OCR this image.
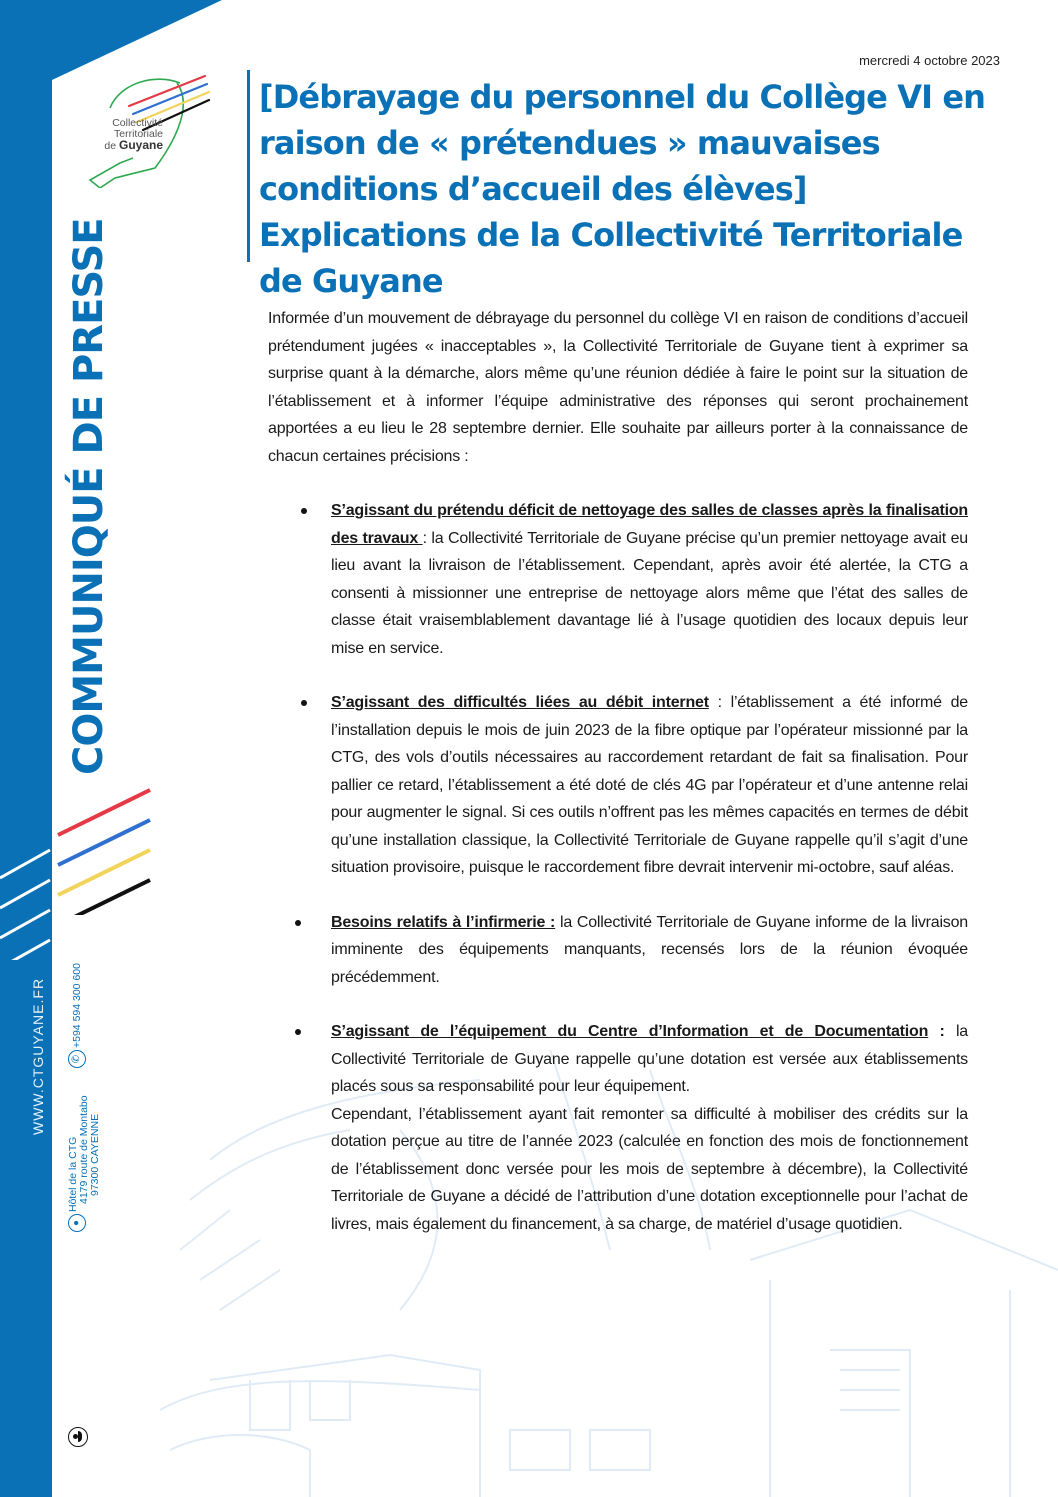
Collectivité
Territoriale
de Guyane
COMMUNIQUÉ DE PRESSE
WWW.CTGUYANE.FR	✆+594 594 300 600
●
Hôtel de la CTG 4179 route de Montabo 97300 CAYENNE
mercredi 4 octobre 2023
[Débrayage du personnel du Collège VI en raison de « prétendues » mauvaises conditions d’accueil des élèves] Explications de la Collectivité Territoriale de Guyane

Informée d’un mouvement de débrayage du personnel du collège VI en raison de conditions d’accueil prétendument jugées « inacceptables », la Collectivité Territoriale de Guyane tient à exprimer sa surprise quant à la démarche, alors même qu’une réunion dédiée à faire le point sur la situation de l’établissement et à informer l’équipe administrative des réponses qui seront prochainement apportées a eu lieu le 28 septembre dernier. Elle souhaite par ailleurs porter à la connaissance de chacun certaines précisions :

S’agissant du prétendu déficit de nettoyage des salles de classes après la finalisation des travaux : la Collectivité Territoriale de Guyane précise qu’un premier nettoyage avait eu lieu avant la livraison de l’établissement. Cependant, après avoir été alertée, la CTG a consenti à missionner une entreprise de nettoyage alors même que l’état des salles de classe était vraisemblablement davantage lié à l’usage quotidien des locaux depuis leur mise en service.
S’agissant des difficultés liées au débit internet : l’établissement a été informé de l’installation depuis le mois de juin 2023 de la fibre optique par l’opérateur missionné par la CTG, des vols d’outils nécessaires au raccordement retardant de fait sa finalisation. Pour pallier ce retard, l’établissement a été doté de clés 4G par l’opérateur et d’une antenne relai pour augmenter le signal. Si ces outils n’offrent pas les mêmes capacités en termes de débit qu’une installation classique, la Collectivité Territoriale de Guyane rappelle qu’il s’agit d’une situation provisoire, puisque le raccordement fibre devrait intervenir mi-octobre, sauf aléas.
Besoins relatifs à l’infirmerie : la Collectivité Territoriale de Guyane informe de la livraison imminente des équipements manquants, recensés lors de la réunion évoquée précédemment.
S’agissant de l’équipement du Centre d’Information et de Documentation : la Collectivité Territoriale de Guyane rappelle qu’une dotation est versée aux établissements placés sous sa responsabilité pour leur équipement.
Cependant, l’établissement ayant fait remonter sa difficulté à mobiliser des crédits sur la dotation perçue au titre de l’année 2023 (calculée en fonction des mois de fonctionnement de l’établissement donc versée pour les mois de septembre à décembre), la Collectivité Territoriale de Guyane a décidé de l’attribution d’une dotation exceptionnelle pour l’achat de livres, mais également du financement, à sa charge, de matériel d’usage quotidien.
